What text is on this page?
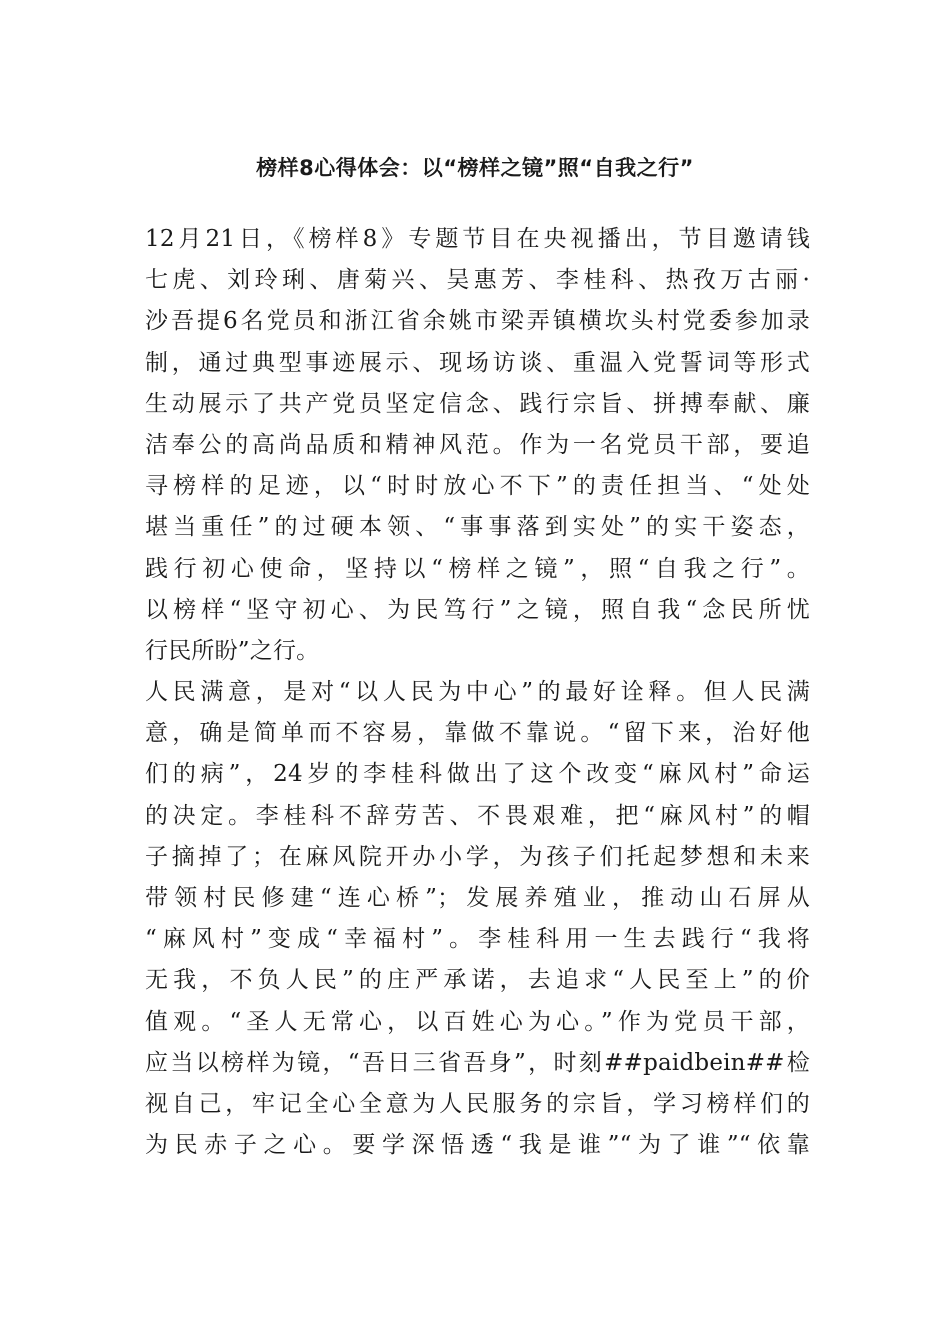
榜样8心得体会：以“榜样之镜”照“自我之行”
12月21日，《榜样8》专题节目在央视播出，节目邀请钱
七虎、刘玲琍、唐菊兴、吴惠芳、李桂科、热孜万古丽·
沙吾提6名党员和浙江省余姚市梁弄镇横坎头村党委参加录
制，通过典型事迹展示、现场访谈、重温入党誓词等形式
生动展示了共产党员坚定信念、践行宗旨、拼搏奉献、廉
洁奉公的高尚品质和精神风范。作为一名党员干部，要追
寻榜样的足迹，以“时时放心不下”的责任担当、“处处
堪当重任”的过硬本领、“事事落到实处”的实干姿态，
践行初心使命，坚持以“榜样之镜”，照“自我之行”。
以榜样“坚守初心、为民笃行”之镜，照自我“念民所忧
行民所盼”之行。
人民满意，是对“以人民为中心”的最好诠释。但人民满
意，确是简单而不容易，靠做不靠说。“留下来，治好他
们的病”，24岁的李桂科做出了这个改变“麻风村”命运
的决定。李桂科不辞劳苦、不畏艰难，把“麻风村”的帽
子摘掉了；在麻风院开办小学，为孩子们托起梦想和未来
带领村民修建“连心桥”；发展养殖业，推动山石屏从
“麻风村”变成“幸福村”。李桂科用一生去践行“我将
无我，不负人民”的庄严承诺，去追求“人民至上”的价
值观。“圣人无常心，以百姓心为心。”作为党员干部，
应当以榜样为镜，“吾日三省吾身”，时刻##paidbein##检
视自己，牢记全心全意为人民服务的宗旨，学习榜样们的
为民赤子之心。要学深悟透“我是谁”“为了谁”“依靠
